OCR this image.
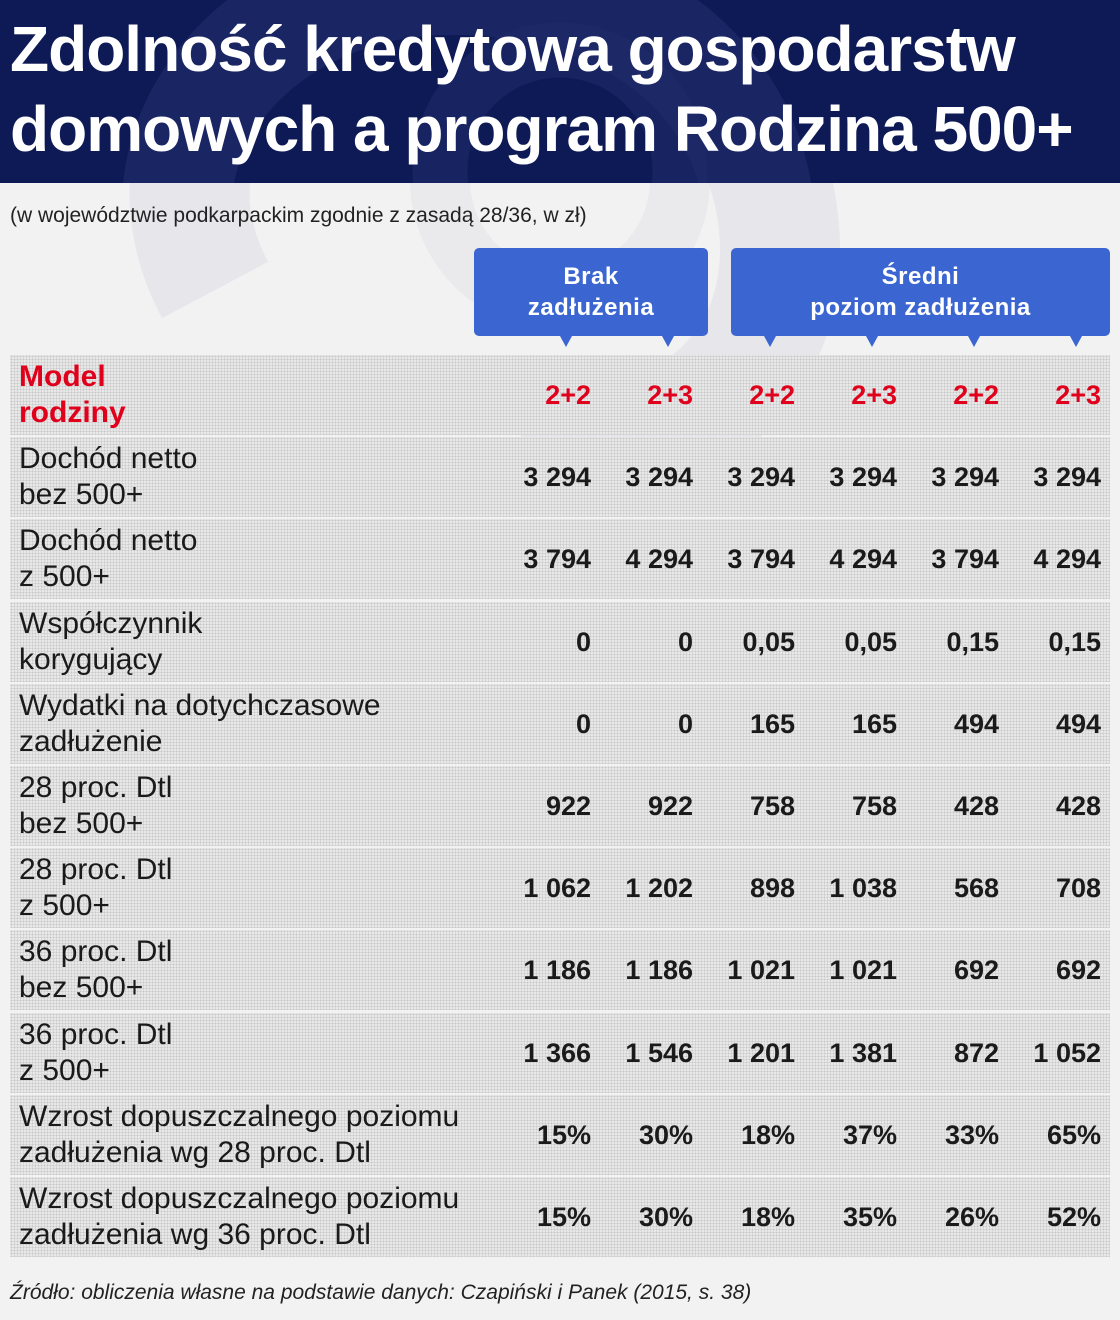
Zdolność kredytowa gospodarstw
domowych a program Rodzina 500+
(w województwie podkarpackim zgodnie z zasadą 28/36, w zł)
Brak
zadłużenia
Średni
poziom zadłużenia
Model
rodziny
2+2	2+3	2+2	2+3	2+2	2+3
Dochód netto
bez 500+
3 294	3 294	3 294	3 294	3 294	3 294
Dochód netto
z 500+
3 794	4 294	3 794	4 294	3 794	4 294
Współczynnik
korygujący
0	0	0,05	0,05	0,15	0,15
Wydatki na dotychczasowe
zadłużenie
0	0	165	165	494	494
28 proc. Dtl
bez 500+
922	922	758	758	428	428
28 proc. Dtl
z 500+
1 062	1 202	898	1 038	568	708
36 proc. Dtl
bez 500+
1 186	1 186	1 021	1 021	692	692
36 proc. Dtl
z 500+
1 366	1 546	1 201	1 381	872	1 052
Wzrost dopuszczalnego poziomu
zadłużenia wg 28 proc. Dtl
15%	30%	18%	37%	33%	65%
Wzrost dopuszczalnego poziomu
zadłużenia wg 36 proc. Dtl
15%	30%	18%	35%	26%	52%
Źródło: obliczenia własne na podstawie danych: Czapiński i Panek (2015, s. 38)
